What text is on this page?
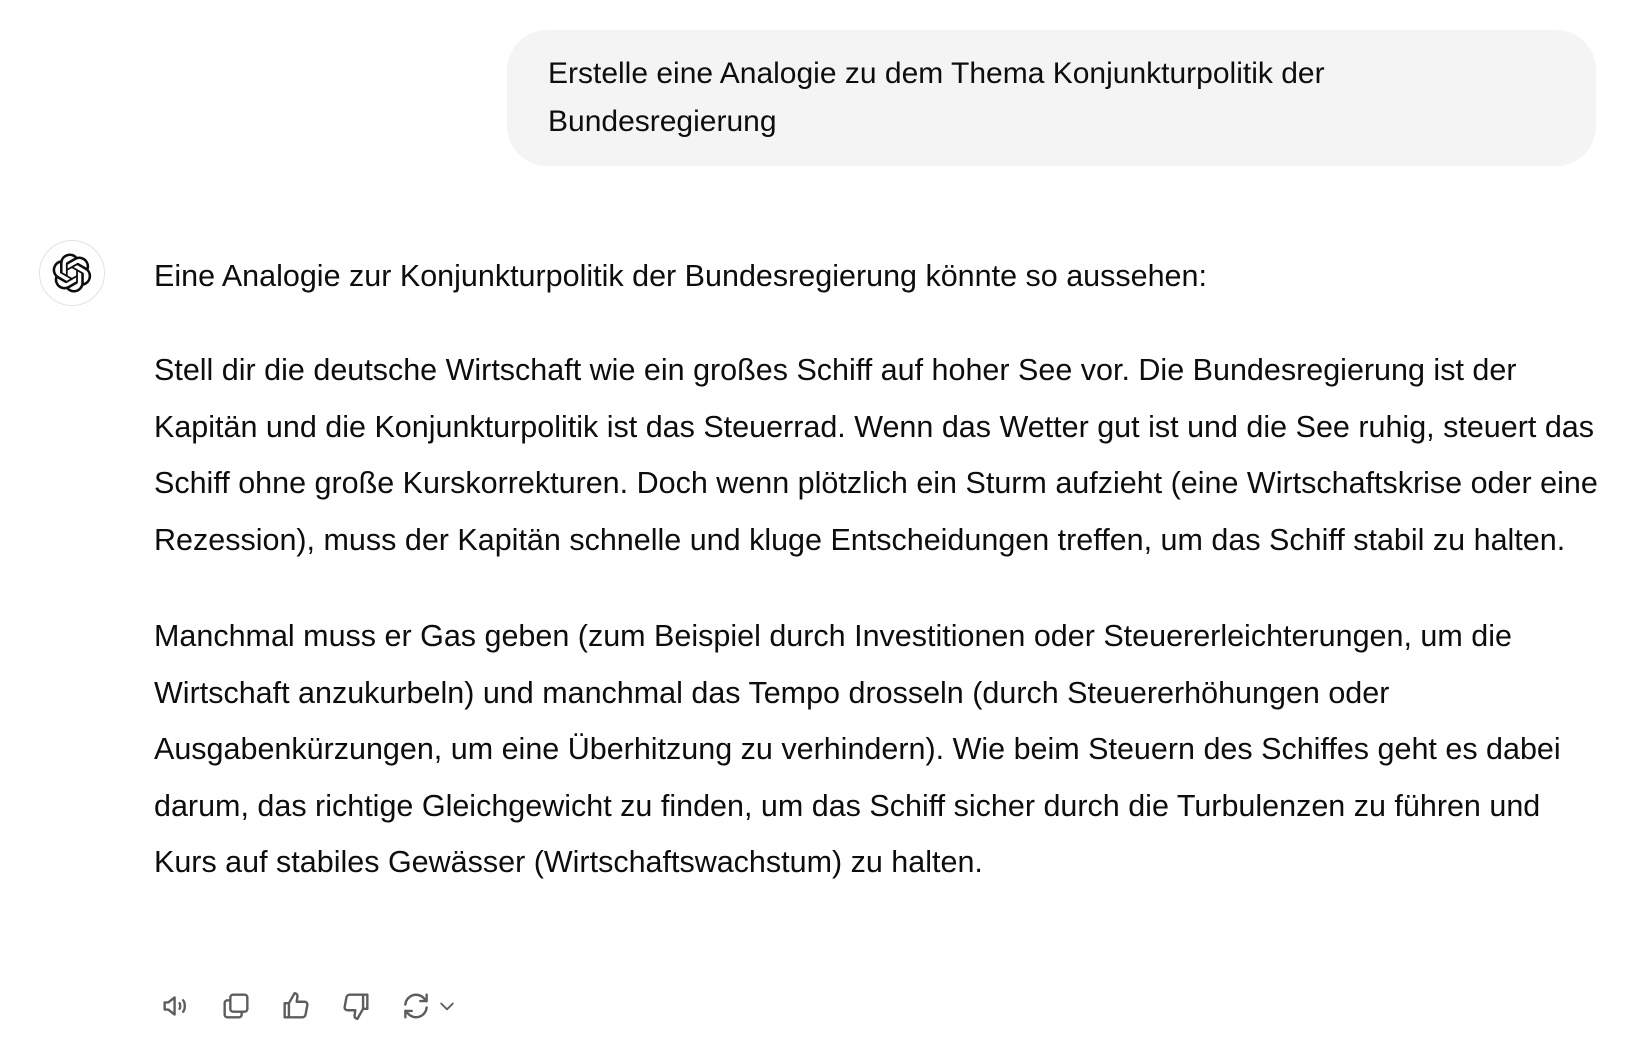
Erstelle eine Analogie zu dem Thema Konjunkturpolitik der Bundesregierung

Eine Analogie zur Konjunkturpolitik der Bundesregierung könnte so aussehen:

Stell dir die deutsche Wirtschaft wie ein großes Schiff auf hoher See vor. Die Bundesregierung ist der Kapitän und die Konjunkturpolitik ist das Steuerrad. Wenn das Wetter gut ist und die See ruhig, steuert das Schiff ohne große Kurskorrekturen. Doch wenn plötzlich ein Sturm aufzieht (eine Wirtschaftskrise oder eine Rezession), muss der Kapitän schnelle und kluge Entscheidungen treffen, um das Schiff stabil zu halten.

Manchmal muss er Gas geben (zum Beispiel durch Investitionen oder Steuererleichterungen, um die Wirtschaft anzukurbeln) und manchmal das Tempo drosseln (durch Steuererhöhungen oder Ausgabenkürzungen, um eine Überhitzung zu verhindern). Wie beim Steuern des Schiffes geht es dabei darum, das richtige Gleichgewicht zu finden, um das Schiff sicher durch die Turbulenzen zu führen und Kurs auf stabiles Gewässer (Wirtschaftswachstum) zu halten.
